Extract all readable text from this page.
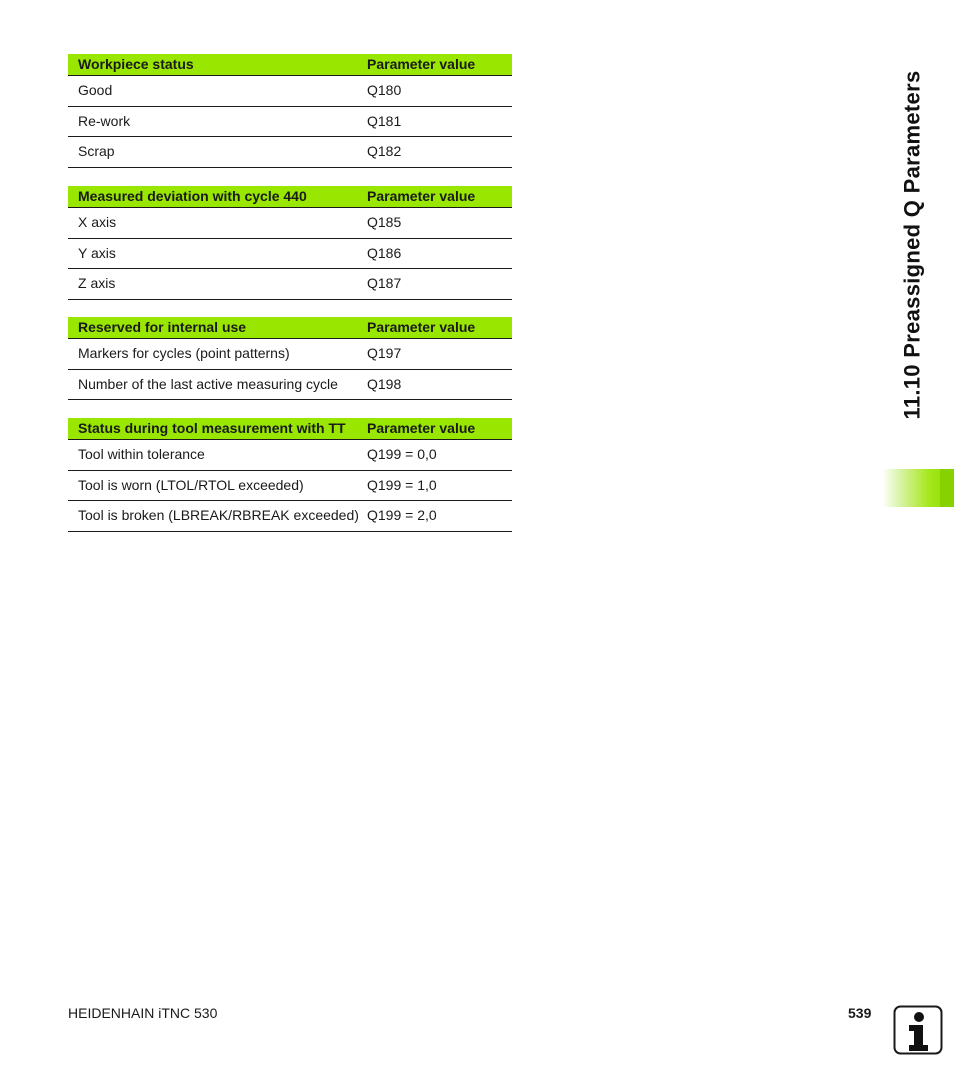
Workpiece status	Parameter value
Good	Q180
Re-work	Q181
Scrap	Q182
Measured deviation with cycle 440	Parameter value
X axis	Q185
Y axis	Q186
Z axis	Q187
Reserved for internal use	Parameter value
Markers for cycles (point patterns)	Q197
Number of the last active measuring cycle	Q198
Status during tool measurement with TT	Parameter value
Tool within tolerance	Q199 = 0,0
Tool is worn (LTOL/RTOL exceeded)	Q199 = 1,0
Tool is broken (LBREAK/RBREAK exceeded) Q199 = 2,0
11.10 Preassigned Q Parameters
HEIDENHAIN iTNC 530	539
